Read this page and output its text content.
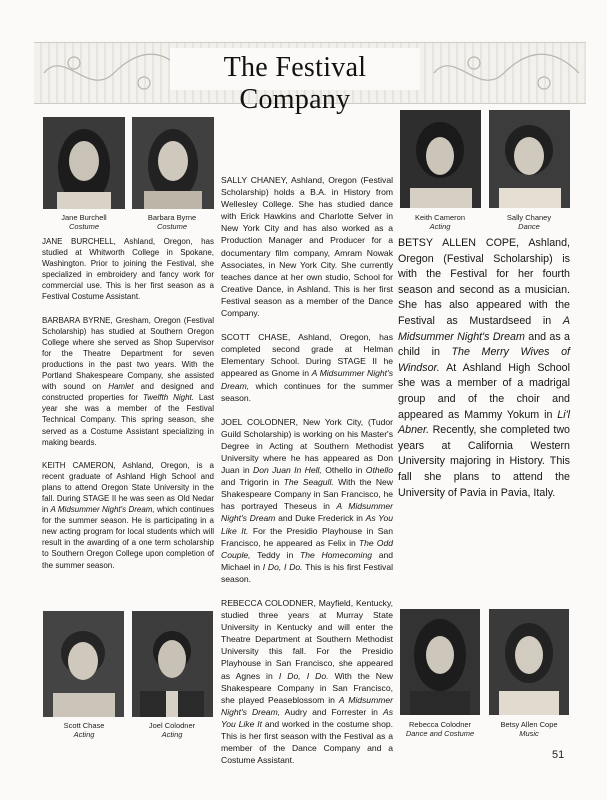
The Festival Company
Jane Burchell
Costume
Barbara Byrne
Costume
Keith Cameron
Acting
Sally Chaney
Dance
Scott Chase
Acting
Joel Colodner
Acting
Rebecca Colodner
Dance and Costume
Betsy Allen Cope
Music

JANE BURCHELL, Ashland, Oregon, has studied at Whitworth College in Spokane, Washington. Prior to joining the Festival, she specialized in embroidery and fancy work for commercial use. This is her first season as a Festival Costume Assistant.

BARBARA BYRNE, Gresham, Oregon (Festival Scholarship) has studied at Southern Oregon College where she served as Shop Supervisor for the Theatre Department for seven productions in the past two years. With the Portland Shakespeare Company, she assisted with sound on Hamlet and designed and constructed properties for Twelfth Night. Last year she was a member of the Festival Technical Company. This spring season, she served as a Costume Assistant specializing in making beards.

KEITH CAMERON, Ashland, Oregon, is a recent graduate of Ashland High School and plans to attend Oregon State University in the fall. During STAGE II he was seen as Old Nedar in A Midsummer Night's Dream, which continues for the summer season. He is participating in a new acting program for local students which will result in the awarding of a one term scholarship to Southern Oregon College upon completion of the summer season.

SALLY CHANEY, Ashland, Oregon (Festival Scholarship) holds a B.A. in History from Wellesley College. She has studied dance with Erick Hawkins and Charlotte Selver in New York City and has also worked as a Production Manager and Producer for a documentary film company, Amram Nowak Associates, in New York City. She currently teaches dance at her own studio, School for Creative Dance, in Ashland. This is her first Festival season as a member of the Dance Company.

SCOTT CHASE, Ashland, Oregon, has completed second grade at Helman Elementary School. During STAGE II he appeared as Gnome in A Midsummer Night's Dream, which continues for the summer season.

JOEL COLODNER, New York City, (Tudor Guild Scholarship) is working on his Master's Degree in Acting at Southern Methodist University where he has appeared as Don Juan in Don Juan In Hell, Othello in Othello and Trigorin in The Seagull. With the New Shakespeare Company in San Francisco, he has portrayed Theseus in A Midsummer Night's Dream and Duke Frederick in As You Like It. For the Presidio Playhouse in San Francisco, he appeared as Felix in The Odd Couple, Teddy in The Homecoming and Michael in I Do, I Do. This is his first Festival season.

REBECCA COLODNER, Mayfield, Kentucky, studied three years at Murray State University in Kentucky and will enter the Theatre Department at Southern Methodist University this fall. For the Presidio Playhouse in San Francisco, she appeared as Agnes in I Do, I Do. With the New Shakespeare Company in San Francisco, she played Peaseblossom in A Midsummer Night's Dream, Audry and Forrester in As You Like It and worked in the costume shop. This is her first season with the Festival as a member of the Dance Company and a Costume Assistant.

BETSY ALLEN COPE, Ashland, Oregon (Festival Scholarship) is with the Festival for her fourth season and second as a musician. She has also appeared with the Festival as Mustardseed in A Midsummer Night's Dream and as a child in The Merry Wives of Windsor. At Ashland High School she was a member of a madrigal group and of the choir and appeared as Mammy Yokum in Li'l Abner. Recently, she completed two years at California Western University majoring in History. This fall she plans to attend the University of Pavia in Pavia, Italy.

51
